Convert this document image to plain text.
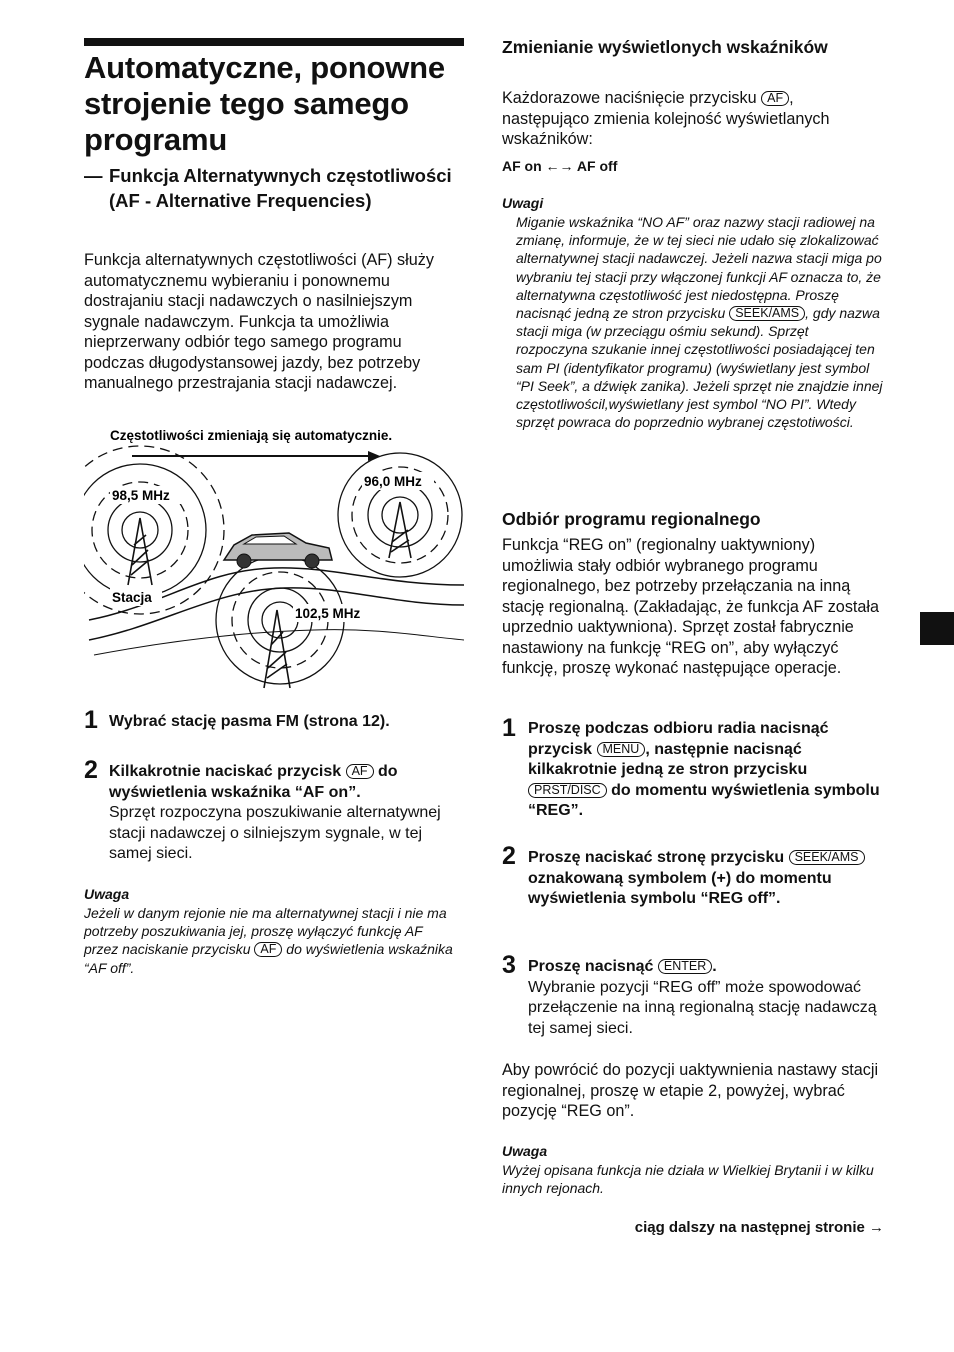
Automatyczne, ponowne strojenie tego samego programu
— Funkcja Alternatywnych częstotliwości (AF - Alternative Frequencies)
Funkcja alternatywnych częstotliwości (AF) służy automatycznemu wybieraniu i ponownemu dostrajaniu stacji nadawczych o nasilniejszym sygnale nadawczym. Funkcja ta umożliwia nieprzerwany odbiór tego samego programu podczas długodystansowej jazdy, bez potrzeby manualnego przestrajania stacji nadawczej.
Częstotliwości zmieniają się automatycznie.
98,5 MHz
96,0 MHz
102,5 MHz
Stacja
1 Wybrać stację pasma FM (strona 12).
2 Kilkakrotnie naciskać przycisk AF do wyświetlenia wskaźnika “AF on”.
Sprzęt rozpoczyna poszukiwanie alternatywnej stacji nadawczej o silniejszym sygnale, w tej samej sieci.
Uwaga
Jeżeli w danym rejonie nie ma alternatywnej stacji i nie ma potrzeby poszukiwania jej, proszę wyłączyć funkcję AF przez naciskanie przycisku AF do wyświetlenia wskaźnika “AF off”.
Zmienianie wyświetlonych wskaźników
Każdorazowe naciśnięcie przycisku AF , następująco zmienia kolejność wyświetlanych wskaźników:
AF on ←→ AF off
Uwagi
Miganie wskaźnika “NO AF” oraz nazwy stacji radiowej na zmianę, informuje, że w tej sieci nie udało się zlokalizować alternatywnej stacji nadawczej. Jeżeli nazwa stacji miga po wybraniu tej stacji przy włączonej funkcji AF oznacza to, że alternatywna częstotliwość jest niedostępna. Proszę nacisnąć jedną ze stron przycisku SEEK/AMS , gdy nazwa stacji miga (w przeciągu ośmiu sekund). Sprzęt rozpoczyna szukanie innej częstotliwości posiadającej ten sam PI (identyfikator programu) (wyświetlany jest symbol “PI Seek”, a dźwięk zanika). Jeżeli sprzęt nie znajdzie innej częstotliwościl,wyświetlany jest symbol “NO PI”. Wtedy sprzęt powraca do poprzednio wybranej częstotiwości.
Odbiór programu regionalnego
Funkcja “REG on” (regionalny uaktywniony) umożliwia stały odbiór wybranego programu regionalnego, bez potrzeby przełączania na inną stację regionalną. (Zakładając, że funkcja AF została uprzednio uaktywniona). Sprzęt został fabrycznie nastawiony na funkcję “REG on”, aby wyłączyć funkcję, proszę wykonać następujące operacje.
1 Proszę podczas odbioru radia nacisnąć przycisk MENU , następnie nacisnąć kilkakrotnie jedną ze stron przycisku PRST/DISC do momentu wyświetlenia symbolu “REG”.
2 Proszę naciskać stronę przycisku SEEK/AMS oznakowaną symbolem (+) do momentu wyświetlenia symbolu “REG off”.
3 Proszę nacisnąć ENTER .
Wybranie pozycji “REG off” może spowodować przełączenie na inną regionalną stację nadawczą tej samej sieci.
Aby powrócić do pozycji uaktywnienia nastawy stacji regionalnej, proszę w etapie 2, powyżej, wybrać pozycję “REG on”.
Uwaga
Wyżej opisana funkcja nie działa w Wielkiej Brytanii i w kilku innych rejonach.
ciąg dalszy na następnej stronie →
